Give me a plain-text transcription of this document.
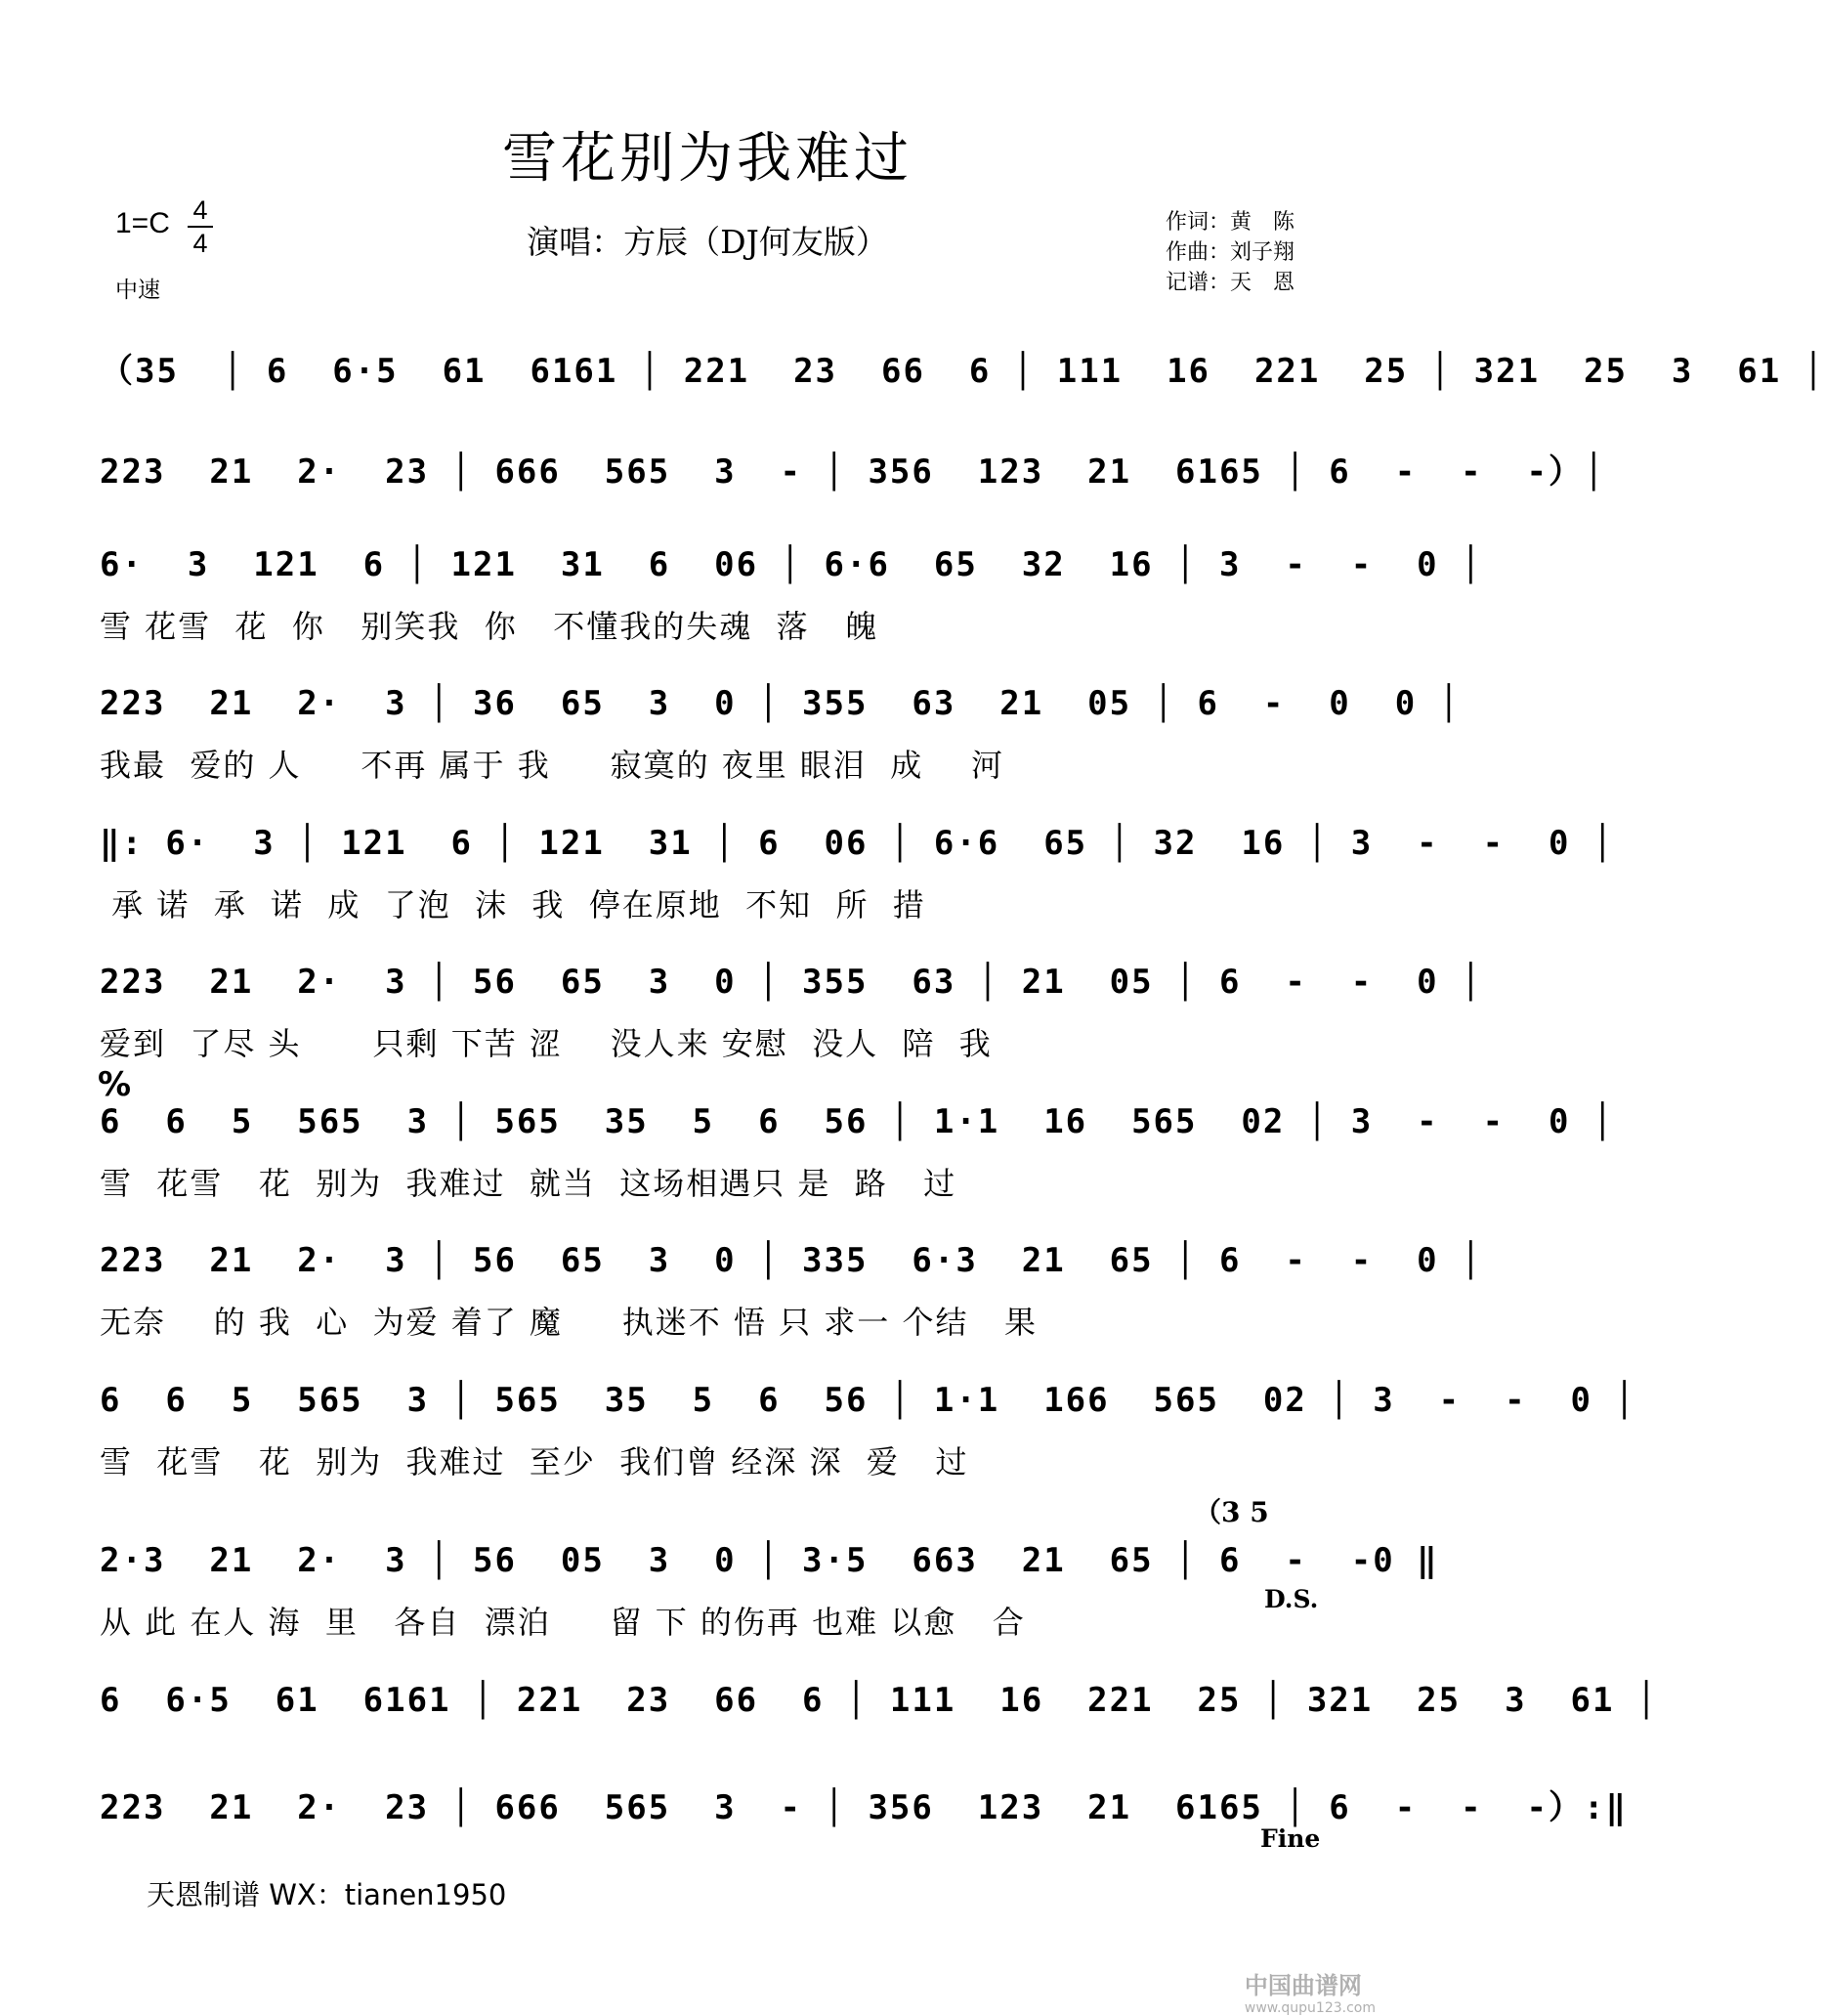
雪花别为我难过
1=C 4
4
中速
演唱：方辰（DJ何友版）
作词：黄　陈
作曲：刘子翔
记谱：天　恩
（35  │ 6  6·5  61  6161 │ 221  23  66  6 │ 111  16  221  25 │ 321  25  3  61 │
223  21  2·  23 │ 666  565  3  - │ 356  123  21  6165 │ 6  -  -  -）│
6·  3  121  6 │ 121  31  6  06 │ 6·6  65  32  16 │ 3  -  -  0 │
雪 花雪  花  你   别笑我  你   不懂我的失魂  落   魄
223  21  2·  3 │ 36  65  3  0 │ 355  63  21  05 │ 6  -  0  0 │
我最  爱的 人     不再 属于 我     寂寞的 夜里 眼泪  成    河
‖: 6·  3 │ 121  6 │ 121  31 │ 6  06 │ 6·6  65 │ 32  16 │ 3  -  -  0 │
承 诺  承  诺  成  了泡  沫  我  停在原地  不知  所  措
223  21  2·  3 │ 56  65  3  0 │ 355  63 │ 21  05 │ 6  -  -  0 │
爱到  了尽 头      只剩 下苦 涩    没人来 安慰  没人  陪  我
%
6  6  5  565  3 │ 565  35  5  6  56 │ 1·1  16  565  02 │ 3  -  -  0 │
雪  花雪   花  别为  我难过  就当  这场相遇只 是  路   过
223  21  2·  3 │ 56  65  3  0 │ 335  6·3  21  65 │ 6  -  -  0 │
无奈    的 我  心  为爱 着了 魔     执迷不 悟 只 求一 个结   果
6  6  5  565  3 │ 565  35  5  6  56 │ 1·1  166  565  02 │ 3  -  -  0 │
雪  花雪   花  别为  我难过  至少  我们曾 经深 深  爱   过
（3 5
2·3  21  2·  3 │ 56  05  3  0 │ 3·5  663  21  65 │ 6  -  -0 ‖
D.S.
从 此 在人 海  里   各自  漂泊     留 下 的伤再 也难 以愈   合
6  6·5  61  6161 │ 221  23  66  6 │ 111  16  221  25 │ 321  25  3  61 │
223  21  2·  23 │ 666  565  3  - │ 356  123  21  6165 │ 6  -  -  -）:‖
Fine
天恩制谱 WX：tianen1950
中国曲谱网
www.qupu123.com
